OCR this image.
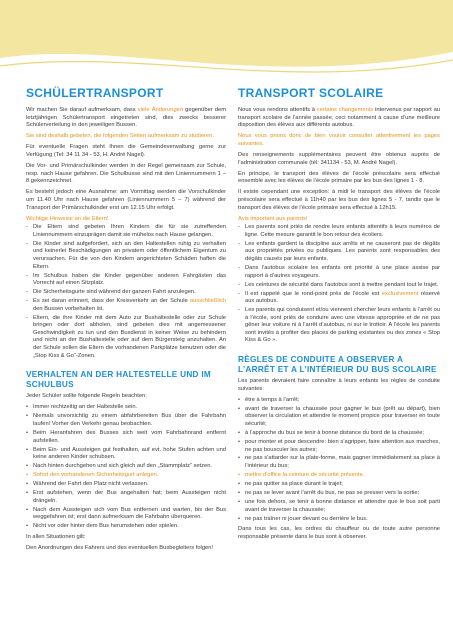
SCHÜLERTRANSPORT

Wir machen Sie darauf aufmerksam, dass viele Änderungen gegenüber dem letztjährigen Schülertransport eingetreten sind, dies zwecks besserer Schülerverteilung in den jeweiligen Bussen.

Sie sind deshalb gebeten, die folgenden Seiten aufmerksam zu studieren.

Für eventuelle Fragen steht Ihnen die Gemeindeverwaltung gerne zur Verfügung (Tel: 34 11 34 - 53, H. André Nagel).

Die Vor- und Primärschulkinder werden in der Regel gemeinsam zur Schule, resp. nach Hause gefahren. Die Schulbusse sind mit den Liniennummern 1 – 8 gekennzeichnet.

Es besteht jedoch eine Ausnahme: am Vormittag werden die Vorschulkinder um 11.40 Uhr nach Hause gefahren (Liniennummern 5 – 7) während der Transport der Primärschulkinder erst um 12.15 Uhr erfolgt.

Wichtige Hinweise an die Eltern!
- Die Eltern sind gebeten Ihren Kindern die für sie zutreffenden Liniennummern einzuprägen damit sie mühelos nach Hause gelangen.
- Die Kinder sind aufgefordert, sich an den Haltestellen ruhig zu verhalten und keinerlei Beschädigungen an privatem oder öffentlichem Eigentum zu verursachen. Für die von den Kindern angerichteten Schäden haften die Eltern.
- Im Schulbus haben die Kinder gegenüber anderen Fahrgästen das Vorrecht auf einen Sitzplatz.
- Die Sicherheitsgurte sind während der ganzen Fahrt anzulegen.
- Es sei daran erinnert, dass der Kreisverkehr an der Schule ausschließlich den Bussen vorbehalten ist.
- Eltern, die ihre Kinder mit dem Auto zur Bushaltestelle oder zur Schule bringen oder dort abholen, sind gebeten dies mit angemessener Geschwindigkeit zu tun und den Busdienst in keiner Weise zu behindern und nicht an der Bushaltestelle oder auf dem Bürgersteig anzuhalten. An der Schule sollen die Eltern die vorhandenen Parkplätze benutzen oder die „Stop Kiss & Go“-Zonen.
VERHALTEN AN DER HALTESTELLE UND IM SCHULBUS

Jeder Schüler sollte folgende Regeln beachten:

• Immer rechtzeitig an der Haltestelle sein.
• Niemals unvorsichtig zu einem abfahrbereiten Bus über die Fahrbahn laufen! Vorher den Verkehr genau beobachten.
• Beim Heranfahren des Busses sich weit vom Fahrbahnrand entfernt aufstellen.
• Beim Ein- und Aussteigen gut festhalten, auf evt. hohe Stufen achten und keine anderen Kinder schubsen.
• Nach hinten durchgehen und sich gleich auf den „Stammplatz“ setzen.
• Sofort den vorhandenen Sicherheitsgurt anlegen.
• Während der Fahrt den Platz nicht verlassen.
• Erst aufstehen, wenn der Bus angehalten hat; beim Aussteigen nicht drängeln.
• Nach dem Aussteigen sich vom Bus entfernen und warten, bis der Bus weggefahren ist; erst dann aufmerksam die Fahrbahn überqueren.
• Nicht vor oder hinter dem Bus herumstehen oder spielen.

In allen Situationen gilt:

Den Anordnungen des Fahrers und des eventuellen Busbegleiters folgen!

TRANSPORT SCOLAIRE

Nous vous rendons attentifs à certains changements intervenus par rapport au transport scolaire de l’année passée, ceci notamment à cause d’une meilleure disposition des élèves aux différents autobus.

Nous vous prions donc de bien vouloir consulter attentivement les pages suivantes.

Des renseignements supplémentaires peuvent être obtenus auprès de l’administration communale (tél: 341134 - 53, M. André Nagel).

En principe, le transport des élèves de l’école préscolaire sera effectué ensemble avec les élèves de l’école primaire par les bus des lignes 1 - 8.

Il existe cependant une exception: à midi le transport des élèves de l’école préscolaire sera effectué à 11h40 par les bus des lignes 5 - 7, tandis que le transport des élèves de l’école primaire sera effectué à 12h15.

Avis important aux parents!
- Les parents sont priés de rendre leurs enfants attentifs à leurs numéros de ligne. Cette mesure garantit le bon retour des écoliers.
- Les enfants gardent la discipline aux arrêts et ne causeront pas de dégâts aux propriétés privées ou publiques. Les parents sont responsables des dégâts causés par leurs enfants.
- Dans l’autobus scolaire les enfants ont priorité à une place assise par rapport à d’autres voyageurs.
- Les ceintures de sécurité dans l’autobus sont à mettre pendant tout le trajet.
- Il est rappelé que le rond-point près de l’école est exclusivement réservé aux autobus.
- Les parents qui conduisent et/ou viennent chercher leurs enfants à l’arrêt ou à l’école, sont priés de conduire avec une vitesse appropriée et de ne pas gêner leur voiture ni à l’arrêt d’autobus, ni sur le trottoir. A l’école les parents sont invités à profiter des places de parking existantes ou des zones « Stop Kiss & Go ».
RÈGLES DE CONDUITE A OBSERVER A L’ARRÊT ET A L’INTÉRIEUR DU BUS SCOLAIRE

Les parents devraient faire connaître à leurs enfants les règles de conduite suivantes:

• être à temps à l’arrêt;
• avant de traverser la chaussée pour gagner le bus (prêt au départ), bien observer la circulation et attendre le moment propice pour traverser en toute sécurité;
• à l’approche du bus se tenir à bonne distance du bord de la chaussée;
• pour monter et pour descendre: bien s’agripper, faire attention aux marches, ne pas bousculer les autres;
• ne pas s’attarder sur la plate-forme, mais gagner immédiatement sa place à l’intérieur du bus;
• mettre d’office la ceinture de sécurité présente.
• ne pas quitter sa place durant le trajet;
• ne pas se lever avant l’arrêt du bus, ne pas se presser vers la sortie;
• une fois dehors, se tenir à bonne distance et attendre que le bus soit parti avant de traverser la chaussée;
• ne pas traîner ni jouer devant ou derrière le bus.

Dans tous les cas, les ordres du chauffeur ou de toute autre personne responsable présente dans le bus sont à observer.
